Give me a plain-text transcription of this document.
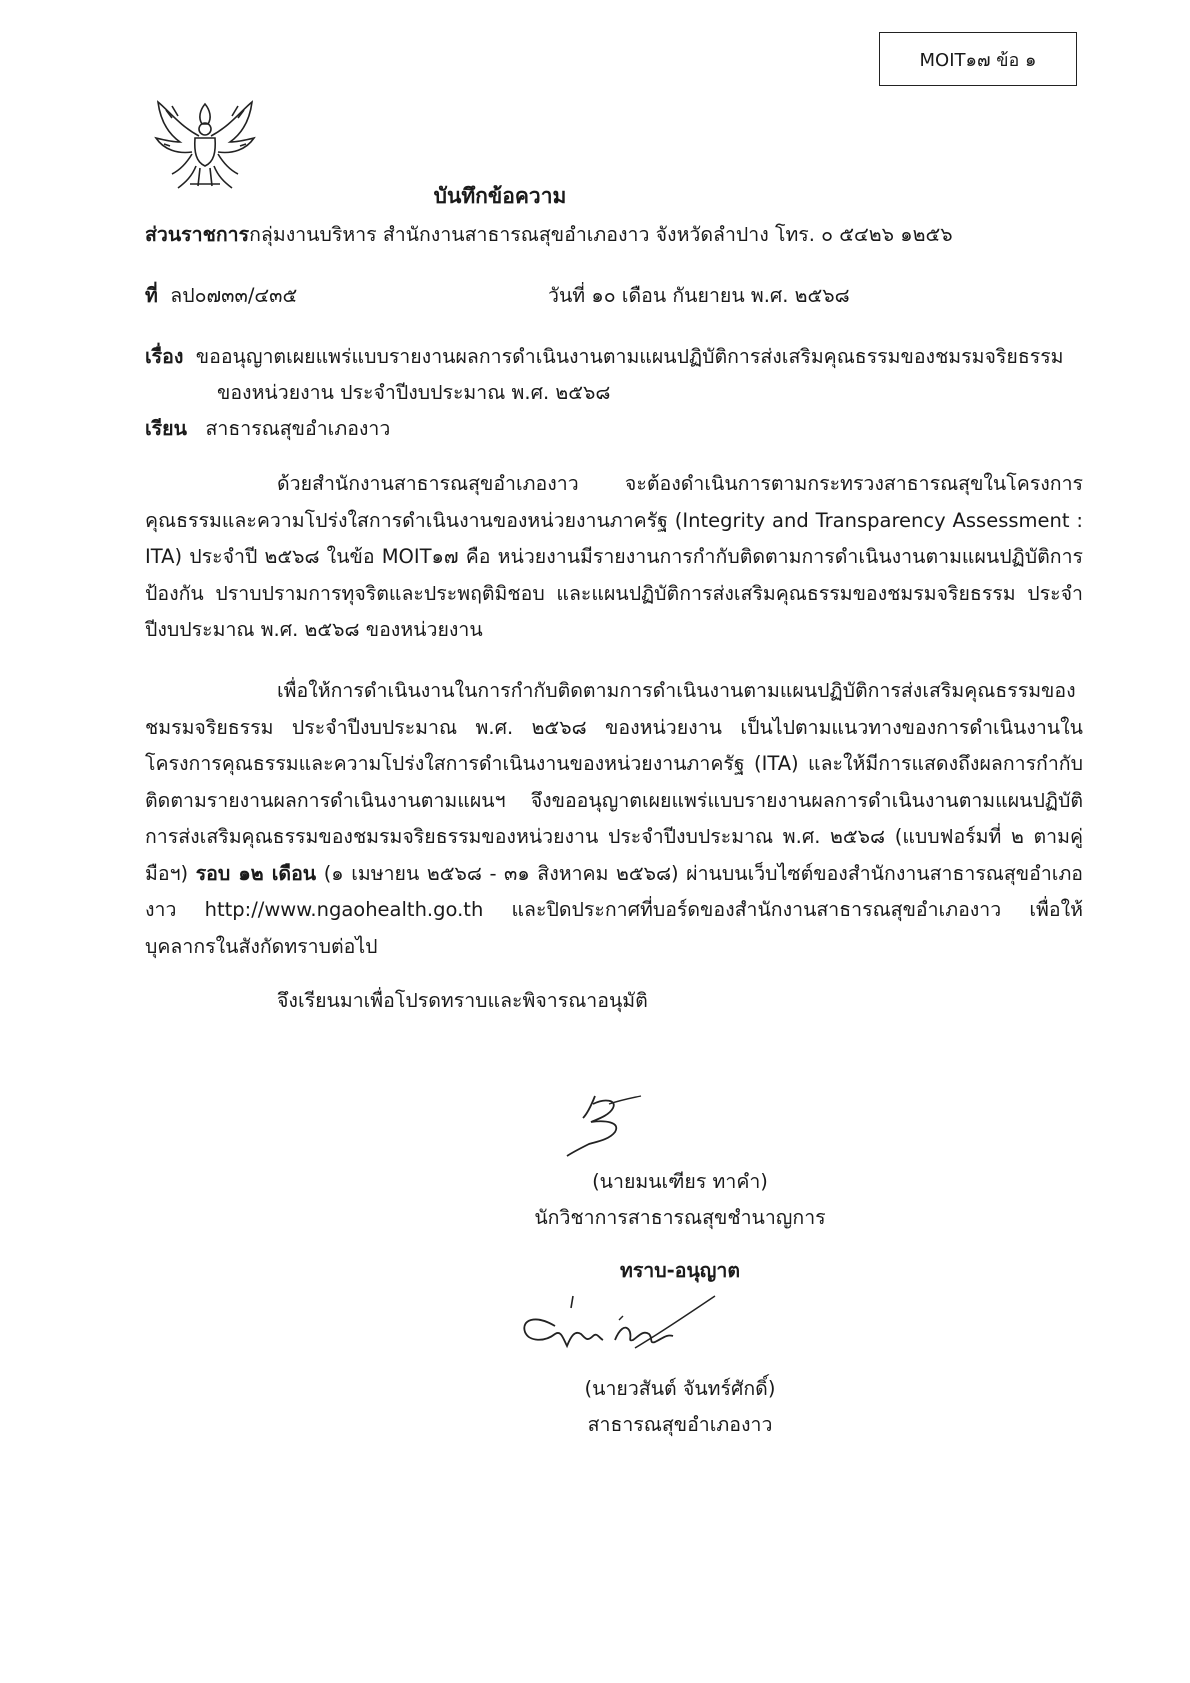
MOIT๑๗ ข้อ ๑
บันทึกข้อความ
ส่วนราชการกลุ่มงานบริหาร สำนักงานสาธารณสุขอำเภองาว จังหวัดลำปาง โทร. ๐ ๕๔๒๖ ๑๒๕๖
ที่ ลป๐๗๓๓/๔๓๕	วันที่ ๑๐ เดือน กันยายน พ.ศ. ๒๕๖๘
เรื่อง ขออนุญาตเผยแพร่แบบรายงานผลการดำเนินงานตามแผนปฏิบัติการส่งเสริมคุณธรรมของชมรมจริยธรรม
ของหน่วยงาน ประจำปีงบประมาณ พ.ศ. ๒๕๖๘
เรียน สาธารณสุขอำเภองาว

ด้วยสำนักงานสาธารณสุขอำเภองาว จะต้องดำเนินการตามกระทรวงสาธารณสุขในโครงการคุณธรรมและความโปร่งใสการดำเนินงานของหน่วยงานภาครัฐ (Integrity and Transparency Assessment : ITA) ประจำปี ๒๕๖๘ ในข้อ MOIT๑๗ คือ หน่วยงานมีรายงานการกำกับติดตามการดำเนินงานตามแผนปฏิบัติการป้องกัน ปราบปรามการทุจริตและประพฤติมิชอบ และแผนปฏิบัติการส่งเสริมคุณธรรมของชมรมจริยธรรม ประจำปีงบประมาณ พ.ศ. ๒๕๖๘ ของหน่วยงาน

เพื่อให้การดำเนินงานในการกำกับติดตามการดำเนินงานตามแผนปฏิบัติการส่งเสริมคุณธรรมของชมรมจริยธรรม ประจำปีงบประมาณ พ.ศ. ๒๕๖๘ ของหน่วยงาน เป็นไปตามแนวทางของการดำเนินงานในโครงการคุณธรรมและความโปร่งใสการดำเนินงานของหน่วยงานภาครัฐ (ITA) และให้มีการแสดงถึงผลการกำกับติดตามรายงานผลการดำเนินงานตามแผนฯ จึงขออนุญาตเผยแพร่แบบรายงานผลการดำเนินงานตามแผนปฏิบัติการส่งเสริมคุณธรรมของชมรมจริยธรรมของหน่วยงาน ประจำปีงบประมาณ พ.ศ. ๒๕๖๘ (แบบฟอร์มที่ ๒ ตามคู่มือฯ) รอบ ๑๒ เดือน (๑ เมษายน ๒๕๖๘ - ๓๑ สิงหาคม ๒๕๖๘) ผ่านบนเว็บไซต์ของสำนักงานสาธารณสุขอำเภองาว http://www.ngaohealth.go.th และปิดประกาศที่บอร์ดของสำนักงานสาธารณสุขอำเภองาว เพื่อให้บุคลากรในสังกัดทราบต่อไป

จึงเรียนมาเพื่อโปรดทราบและพิจารณาอนุมัติ
(นายมนเฑียร ทาคำ)
นักวิชาการสาธารณสุขชำนาญการ
ทราบ-อนุญาต
(นายวสันต์ จันทร์ศักดิ์)
สาธารณสุขอำเภองาว
